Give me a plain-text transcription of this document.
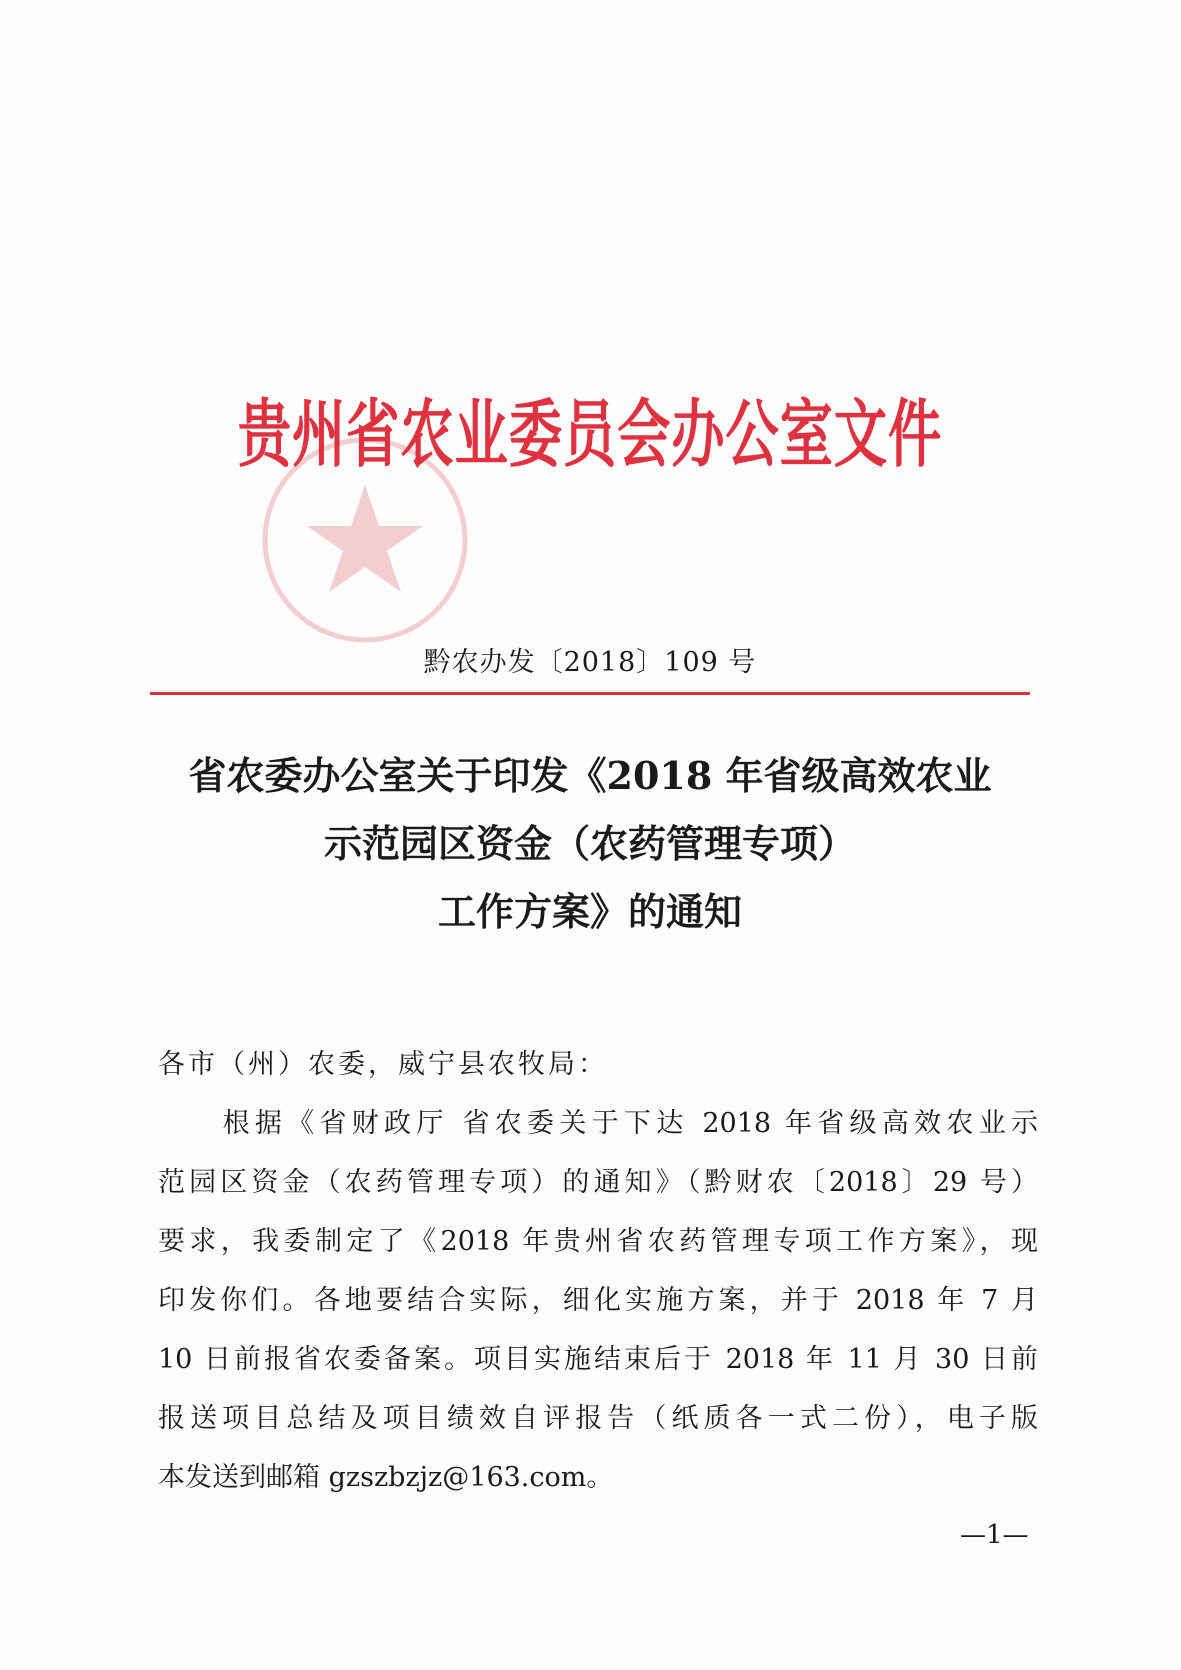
贵州省农业委员会办公室文件
黔农办发〔2018〕109 号
省农委办公室关于印发《2018 年省级高效农业
示范园区资金（农药管理专项）
工作方案》的通知
各市（州）农委，威宁县农牧局：
　　根据《省财政厅 省农委关于下达 2018 年省级高效农业示
范园区资金（农药管理专项）的通知》（黔财农〔2018〕29 号）
要求，我委制定了《2018 年贵州省农药管理专项工作方案》，现
印发你们。各地要结合实际，细化实施方案，并于 2018 年 7 月
10 日前报省农委备案。项目实施结束后于 2018 年 11 月 30 日前
报送项目总结及项目绩效自评报告（纸质各一式二份），电子版
本发送到邮箱 gzszbzjz@163.com。
—1—
